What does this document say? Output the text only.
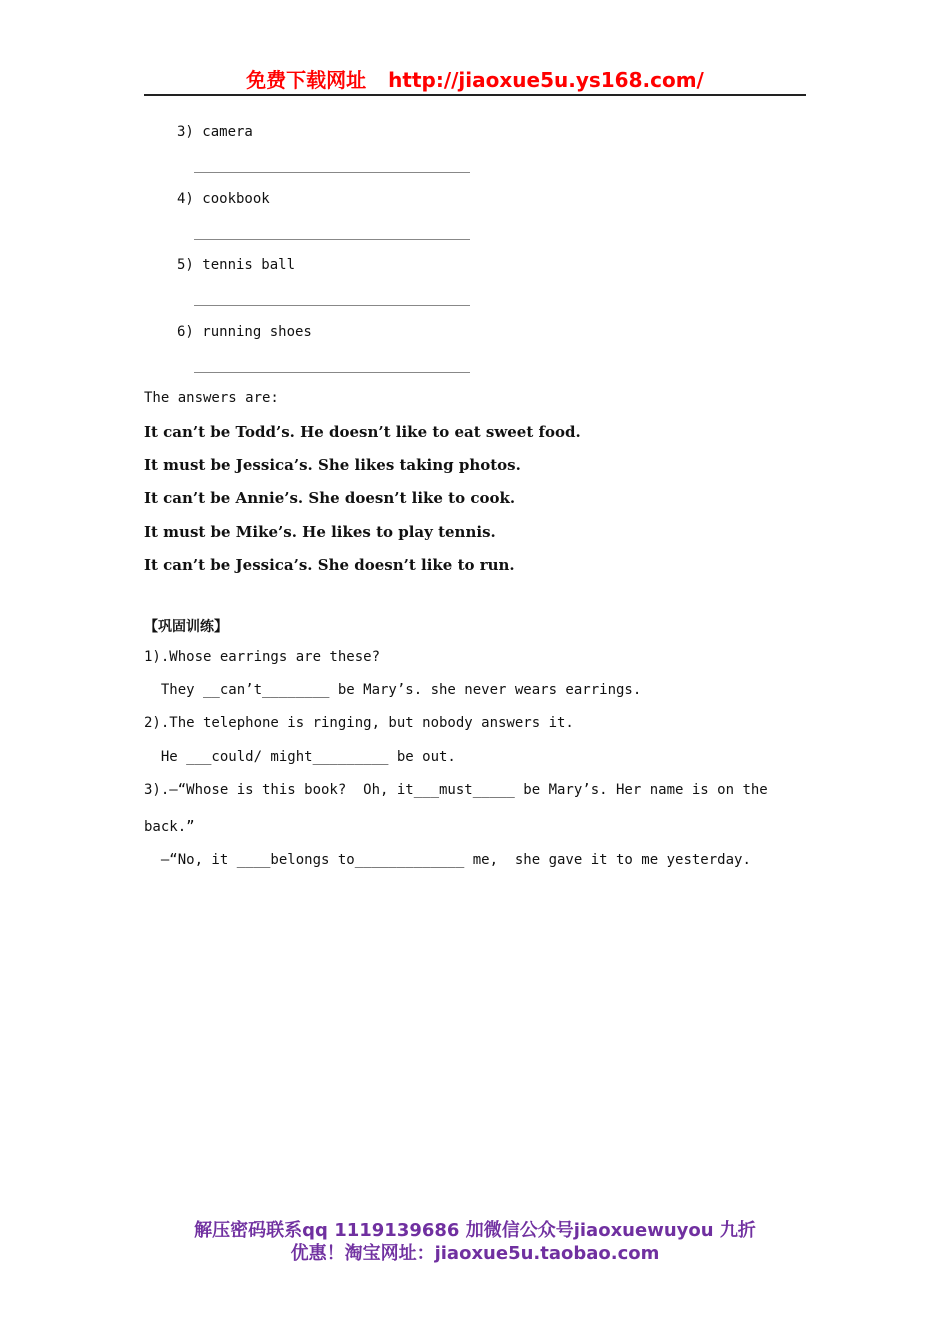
免费下载网址 http://jiaoxue5u.ys168.com/
3) camera
4) cookbook
5) tennis ball
6) running shoes
The answers are:
It can’t be Todd’s. He doesn’t like to eat sweet food.
It must be Jessica’s. She likes taking photos.
It can’t be Annie’s. She doesn’t like to cook.
It must be Mike’s. He likes to play tennis.
It can’t be Jessica’s. She doesn’t like to run.
【巩固训练】
1).Whose earrings are these?
They __can’t________ be Mary’s. she never wears earrings.
2).The telephone is ringing, but nobody answers it.
He ___could/ might_________ be out.
3).—“Whose is this book?  Oh, it___must_____ be Mary’s. Her name is on the
back.”
—“No, it ____belongs to_____________ me,  she gave it to me yesterday.
解压密码联系qq 1119139686 加微信公众号jiaoxuewuyou 九折
优惠！淘宝网址：jiaoxue5u.taobao.com
